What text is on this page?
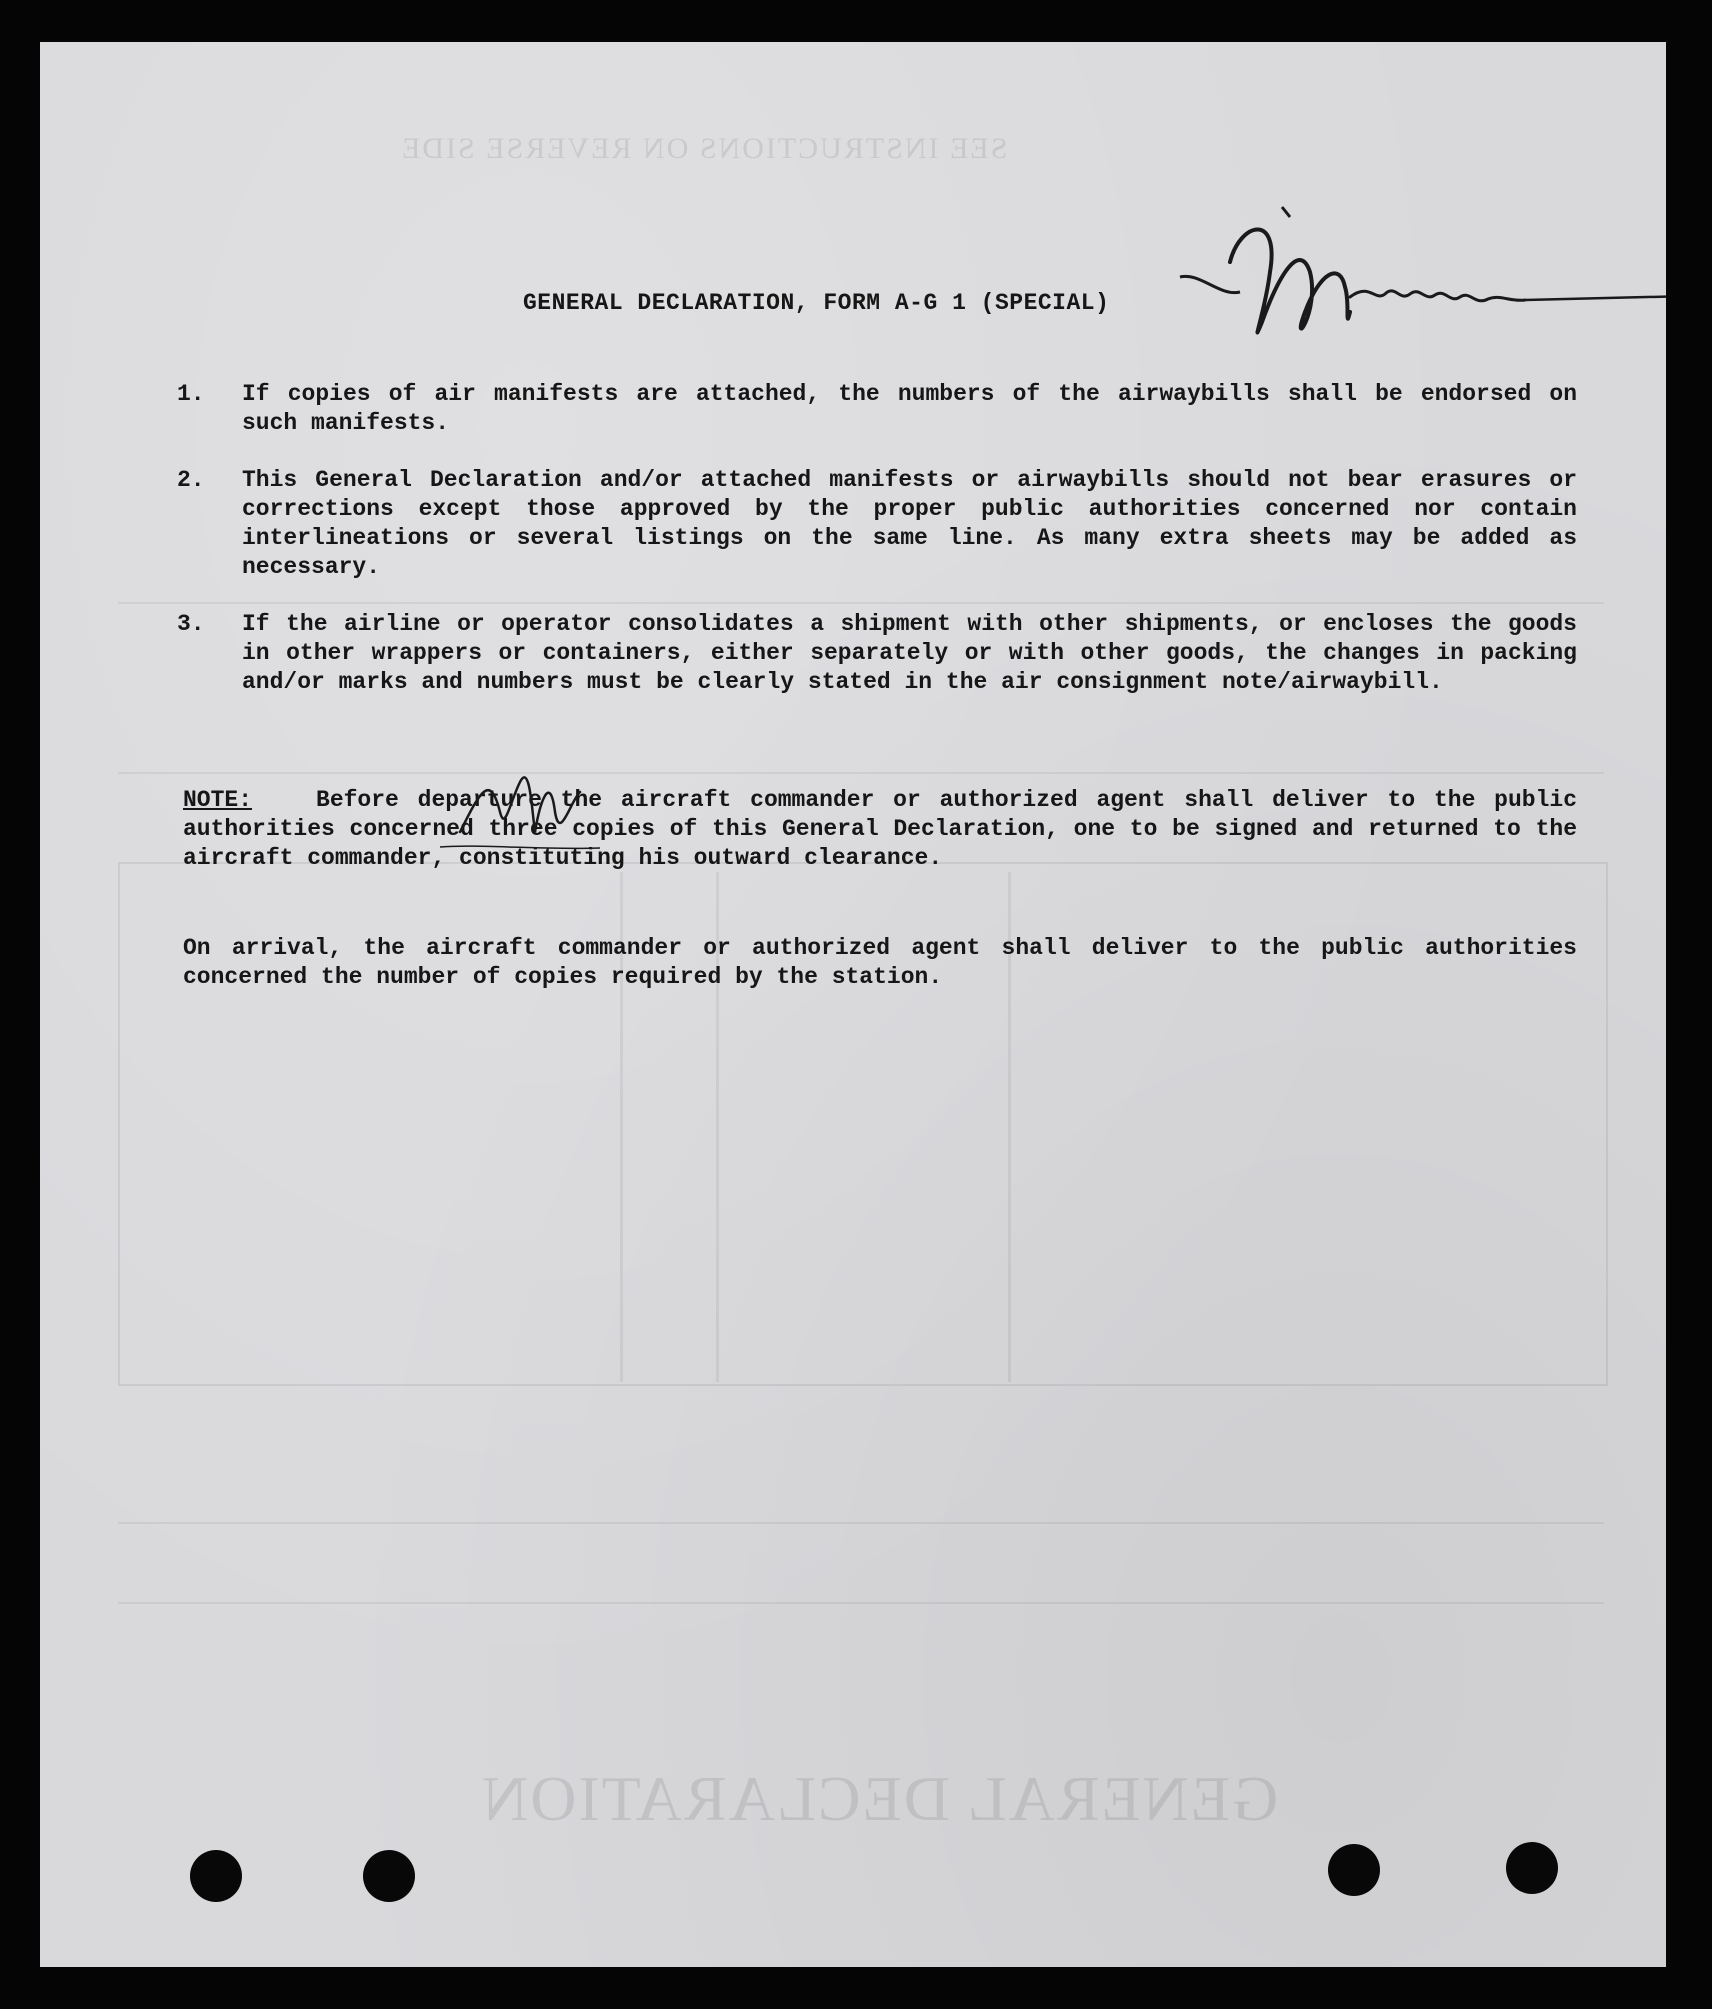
GENERAL DECLARATION
SEE INSTRUCTIONS ON REVERSE SIDE
GENERAL DECLARATION, FORM A-G 1 (SPECIAL)
1.	If copies of air manifests are attached, the numbers of the airwaybills shall be endorsed on such manifests.
2.	This General Declaration and/or attached manifests or airwaybills should not bear erasures or corrections except those approved by the proper public authorities concerned nor contain interlineations or several listings on the same line. As many extra sheets may be added as necessary.
3.	If the airline or operator consolidates a shipment with other shipments, or encloses the goods in other wrappers or containers, either separately or with other goods, the changes in packing and/or marks and numbers must be clearly stated in the air consignment note/airwaybill.
NOTE:	Before departure the aircraft commander or authorized agent shall deliver to the public authorities concerned three copies of this General Declaration, one to be signed and returned to the aircraft commander, constituting his outward clearance.
On arrival, the aircraft commander or authorized agent shall deliver to the public authorities concerned the number of copies required by the station.
